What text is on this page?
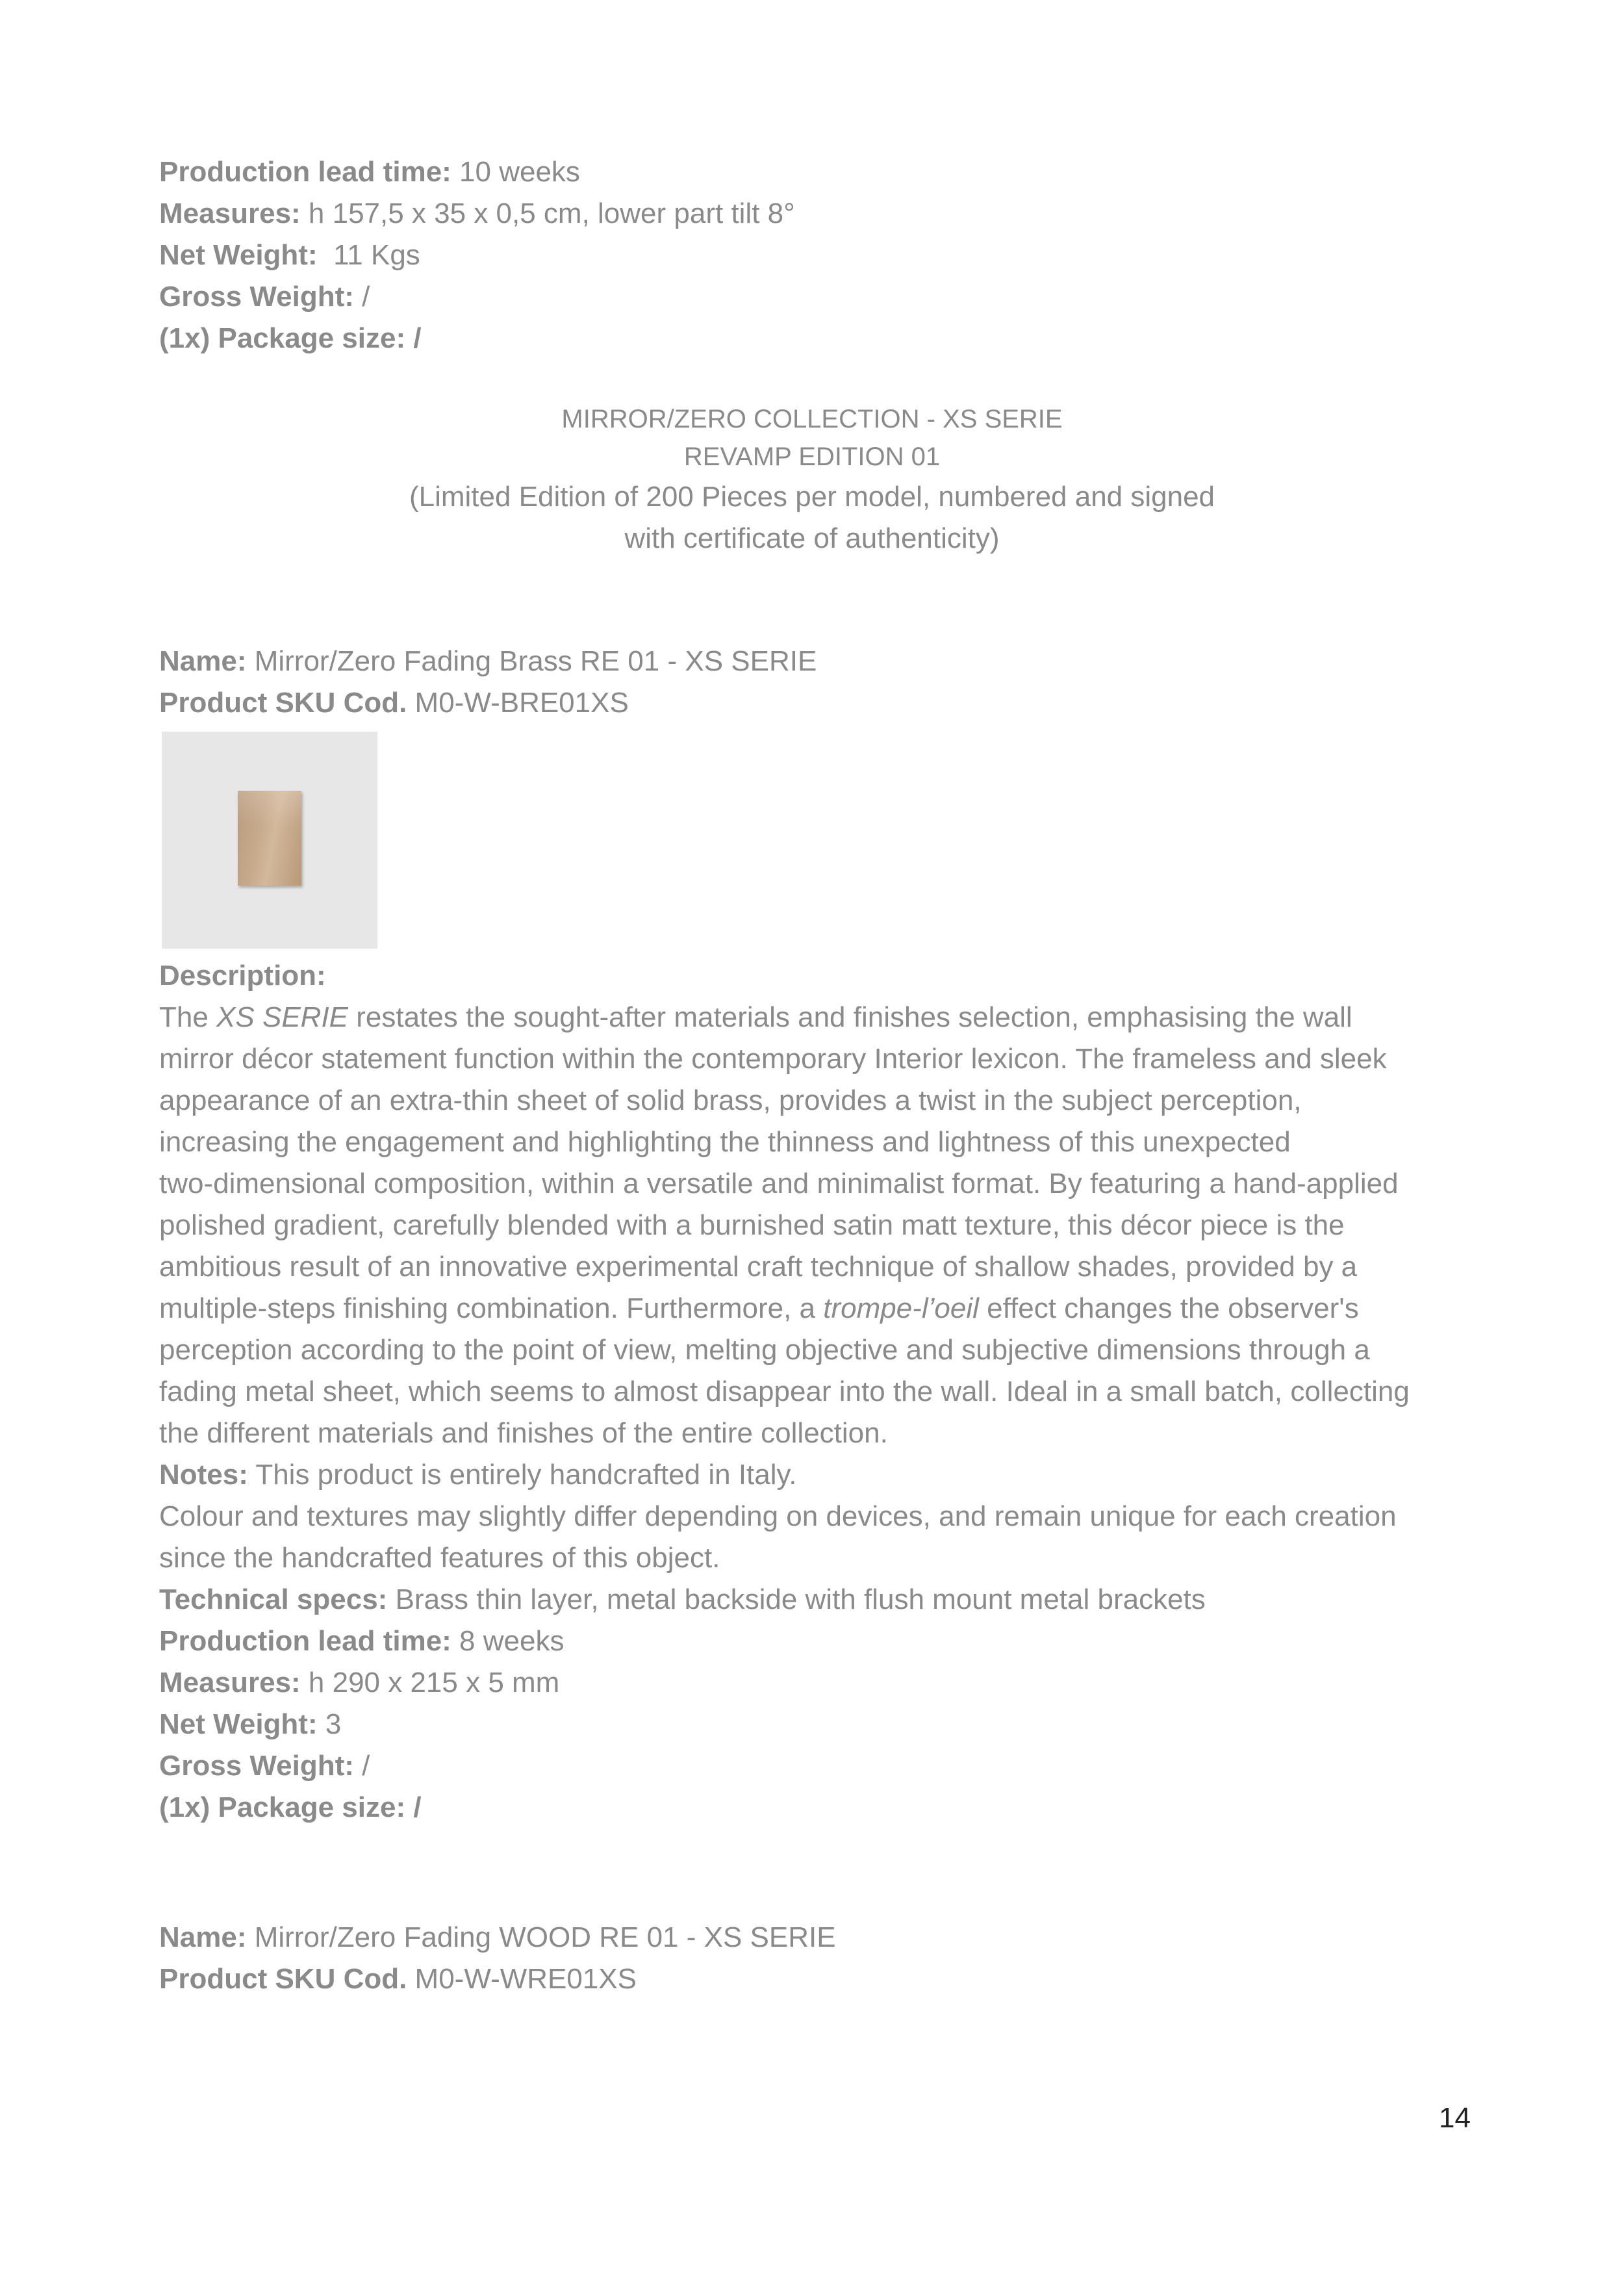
Production lead time: 10 weeks
Measures: h 157,5 x 35 x 0,5 cm, lower part tilt 8°
Net Weight:  11 Kgs
Gross Weight: /
(1x) Package size: /
MIRROR/ZERO COLLECTION - XS SERIE
REVAMP EDITION 01
(Limited Edition of 200 Pieces per model, numbered and signed
with certificate of authenticity)
Name: Mirror/Zero Fading Brass RE 01 - XS SERIE
Product SKU Cod. M0-W-BRE01XS
Description:
The XS SERIE restates the sought-after materials and finishes selection, emphasising the wall
mirror décor statement function within the contemporary Interior lexicon. The frameless and sleek
appearance of an extra-thin sheet of solid brass, provides a twist in the subject perception,
increasing the engagement and highlighting the thinness and lightness of this unexpected
two-dimensional composition, within a versatile and minimalist format. By featuring a hand-applied
polished gradient, carefully blended with a burnished satin matt texture, this décor piece is the
ambitious result of an innovative experimental craft technique of shallow shades, provided by a
multiple-steps finishing combination. Furthermore, a trompe-l’oeil effect changes the observer's
perception according to the point of view, melting objective and subjective dimensions through a
fading metal sheet, which seems to almost disappear into the wall. Ideal in a small batch, collecting
the different materials and finishes of the entire collection.
Notes: This product is entirely handcrafted in Italy.
Colour and textures may slightly differ depending on devices, and remain unique for each creation
since the handcrafted features of this object.
Technical specs: Brass thin layer, metal backside with flush mount metal brackets
Production lead time: 8 weeks
Measures: h 290 x 215 x 5 mm
Net Weight: 3
Gross Weight: /
(1x) Package size: /
Name: Mirror/Zero Fading WOOD RE 01 - XS SERIE
Product SKU Cod. M0-W-WRE01XS
14
